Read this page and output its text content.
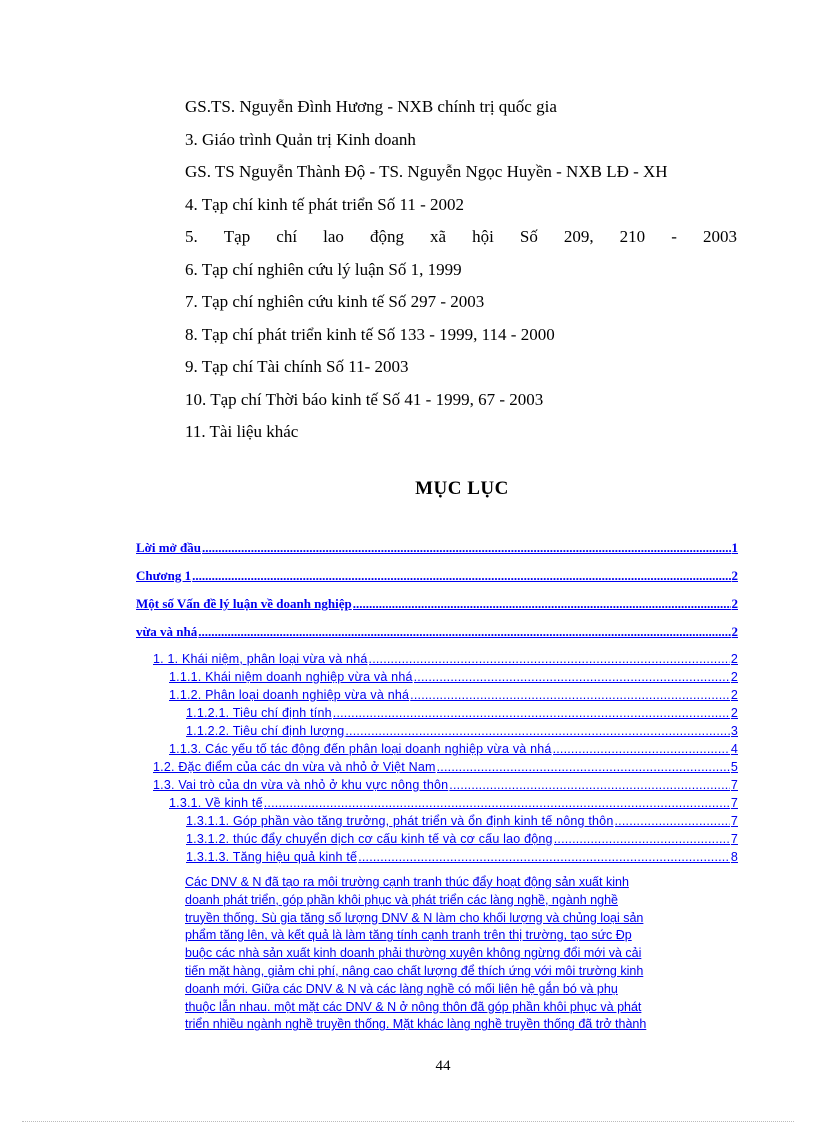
GS.TS. Nguyễn Đình Hương - NXB chính trị quốc gia
3. Giáo trình Quản trị Kinh doanh
GS. TS Nguyễn Thành Độ - TS. Nguyễn Ngọc Huyền - NXB LĐ - XH
4. Tạp chí kinh tế phát triển Số 11 - 2002
5. Tạp chí lao động xã hội Số 209, 210 - 2003
6. Tạp chí nghiên cứu lý luận Số 1, 1999
7. Tạp chí nghiên cứu kinh tế Số 297 - 2003
8. Tạp chí phát triển kinh tế Số 133 - 1999, 114 - 2000
9. Tạp chí Tài chính Số 11- 2003
10. Tạp chí Thời báo kinh tế Số 41 - 1999, 67 - 2003
11. Tài liệu khác
MỤC LỤC
Lời mở đầu .....	1
Chương 1 .....	2
Một số Vấn đề lý luận về doanh nghiệp .....	2
vừa và nhá .....	2
1. 1. Khái niệm, phân loại vừa và nhá .....	2
1.1.1. Khái niệm doanh nghiệp vừa và nhá .....	2
1.1.2. Phân loại doanh nghiệp vừa và nhá .....	2
1.1.2.1. Tiêu chí định tính .....	2
1.1.2.2. Tiêu chí định lượng .....	3
1.1.3. Các yếu tố tác động đến phân loại doanh nghiệp vừa và nhá .....	4
1.2. Đặc điểm của các dn vừa và nhỏ ở Việt Nam .....	5
1.3. Vai trò của dn vừa và nhỏ ở khu vực nông thôn .....	7
1.3.1. Về kinh tế .....	7
1.3.1.1. Góp phần vào tăng trưởng, phát triển và ổn định kinh tế nông thôn .....	7
1.3.1.2. thúc đẩy chuyển dịch cơ cấu kinh tế và cơ cấu lao động .....	7
1.3.1.3. Tăng hiệu quả kinh tế .....	8
Các DNV & N đã tạo ra môi trường cạnh tranh thúc đẩy hoạt động sản xuất kinh
doanh phát triển, góp phần khôi phục và phát triển các làng nghề, ngành nghề
truyền thống. Sù gia tăng số lượng DNV & N làm cho khối lượng và chủng loại sản
phẩm tăng lên, và kết quả là làm tăng tính cạnh tranh trên thị trường, tạo sức Ðp
buộc các nhà sản xuất kinh doanh phải thường xuyên không ngừng đổi mới và cải
tiến mặt hàng, giảm chi phí, nâng cao chất lượng để thích ứng với môi trường kinh
doanh mới. Giữa các DNV & N và các làng nghề có mối liên hệ gắn bó và phụ
thuộc lẫn nhau. một mặt các DNV & N ở nông thôn đã góp phần khôi phục và phát
triển nhiều ngành nghề truyền thống. Mặt khác làng nghề truyền thống đã trở thành
44
